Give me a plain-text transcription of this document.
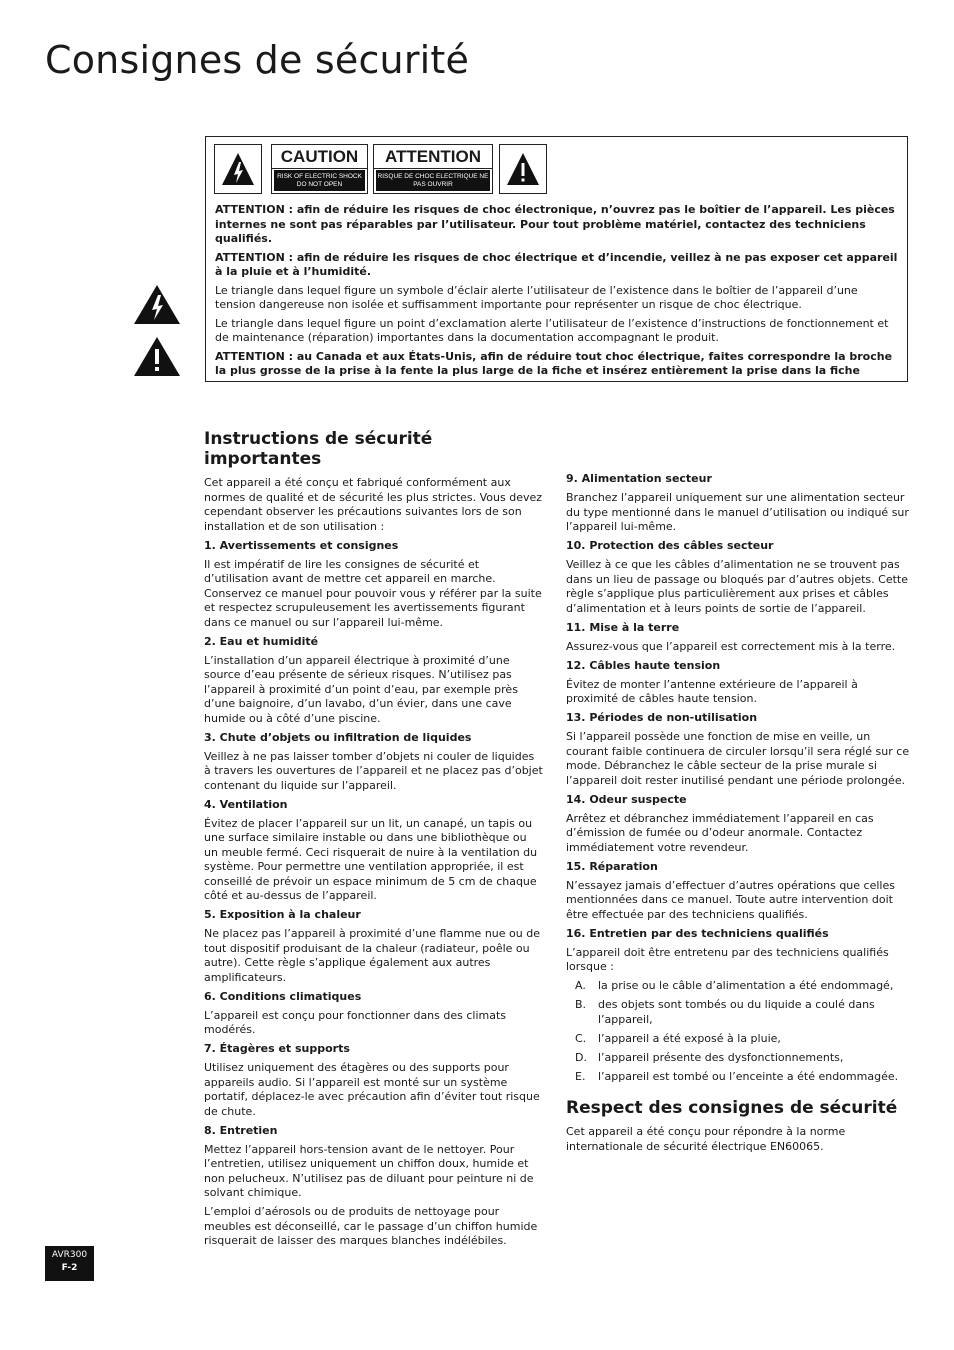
Consignes de sécurité
CAUTION
RISK OF ELECTRIC SHOCK DO NOT OPEN
ATTENTION
RISQUE DE CHOC ELECTRIQUE NE PAS OUVRIR

ATTENTION : afin de réduire les risques de choc électronique, n’ouvrez pas le boîtier de l’appareil. Les pièces internes ne sont pas réparables par l’utilisateur. Pour tout problème matériel, contactez des techniciens qualifiés.

ATTENTION : afin de réduire les risques de choc électrique et d’incendie, veillez à ne pas exposer cet appareil à la pluie et à l’humidité.

Le triangle dans lequel figure un symbole d’éclair alerte l’utilisateur de l’existence dans le boîtier de l’appareil d’une tension dangereuse non isolée et suffisamment importante pour représenter un risque de choc électrique.

Le triangle dans lequel figure un point d’exclamation alerte l’utilisateur de l’existence d’instructions de fonctionnement et de maintenance (réparation) importantes dans la documentation accompagnant le produit.

ATTENTION : au Canada et aux États-Unis, afin de réduire tout choc électrique, faites correspondre la broche la plus grosse de la prise à la fente la plus large de la fiche et insérez entièrement la prise dans la fiche

Instructions de sécurité importantes

Cet appareil a été conçu et fabriqué conformément aux normes de qualité et de sécurité les plus strictes. Vous devez cependant observer les précautions suivantes lors de son installation et de son utilisation :

1. Avertissements et consignes

Il est impératif de lire les consignes de sécurité et d’utilisation avant de mettre cet appareil en marche. Conservez ce manuel pour pouvoir vous y référer par la suite et respectez scrupuleusement les avertissements figurant dans ce manuel ou sur l’appareil lui-même.

2. Eau et humidité

L’installation d’un appareil électrique à proximité d’une source d’eau présente de sérieux risques. N’utilisez pas l’appareil à proximité d’un point d’eau, par exemple près d’une baignoire, d’un lavabo, d’un évier, dans une cave humide ou à côté d’une piscine.

3. Chute d’objets ou infiltration de liquides

Veillez à ne pas laisser tomber d’objets ni couler de liquides à travers les ouvertures de l’appareil et ne placez pas d’objet contenant du liquide sur l’appareil.

4. Ventilation

Évitez de placer l’appareil sur un lit, un canapé, un tapis ou une surface similaire instable ou dans une bibliothèque ou un meuble fermé. Ceci risquerait de nuire à la ventilation du système. Pour permettre une ventilation appropriée, il est conseillé de prévoir un espace minimum de 5 cm de chaque côté et au-dessus de l’appareil.

5. Exposition à la chaleur

Ne placez pas l’appareil à proximité d’une flamme nue ou de tout dispositif produisant de la chaleur (radiateur, poêle ou autre). Cette règle s’applique également aux autres amplificateurs.

6. Conditions climatiques

L’appareil est conçu pour fonctionner dans des climats modérés.

7. Étagères et supports

Utilisez uniquement des étagères ou des supports pour appareils audio. Si l’appareil est monté sur un système portatif, déplacez-le avec précaution afin d’éviter tout risque de chute.

8. Entretien

Mettez l’appareil hors-tension avant de le nettoyer. Pour l’entretien, utilisez uniquement un chiffon doux, humide et non pelucheux. N’utilisez pas de diluant pour peinture ni de solvant chimique.

L’emploi d’aérosols ou de produits de nettoyage pour meubles est déconseillé, car le passage d’un chiffon humide risquerait de laisser des marques blanches indélébiles.

9. Alimentation secteur

Branchez l’appareil uniquement sur une alimentation secteur du type mentionné dans le manuel d’utilisation ou indiqué sur l’appareil lui-même.

10. Protection des câbles secteur

Veillez à ce que les câbles d’alimentation ne se trouvent pas dans un lieu de passage ou bloqués par d’autres objets. Cette règle s’applique plus particulièrement aux prises et câbles d’alimentation et à leurs points de sortie de l’appareil.

11. Mise à la terre

Assurez-vous que l’appareil est correctement mis à la terre.

12. Câbles haute tension

Évitez de monter l’antenne extérieure de l’appareil à proximité de câbles haute tension.

13. Périodes de non-utilisation

Si l’appareil possède une fonction de mise en veille, un courant faible continuera de circuler lorsqu’il sera réglé sur ce mode. Débranchez le câble secteur de la prise murale si l’appareil doit rester inutilisé pendant une période prolongée.

14. Odeur suspecte

Arrêtez et débranchez immédiatement l’appareil en cas d’émission de fumée ou d’odeur anormale. Contactez immédiatement votre revendeur.

15. Réparation

N’essayez jamais d’effectuer d’autres opérations que celles mentionnées dans ce manuel. Toute autre intervention doit être effectuée par des techniciens qualifiés.

16. Entretien par des techniciens qualifiés

L’appareil doit être entretenu par des techniciens qualifiés lorsque :

A.	la prise ou le câble d’alimentation a été endommagé,
B.	des objets sont tombés ou du liquide a coulé dans l’appareil,
C.	l’appareil a été exposé à la pluie,
D.	l’appareil présente des dysfonctionnements,
E.	l’appareil est tombé ou l’enceinte a été endommagée.
Respect des consignes de sécurité

Cet appareil a été conçu pour répondre à la norme internationale de sécurité électrique EN60065.

AVR300
F-2
